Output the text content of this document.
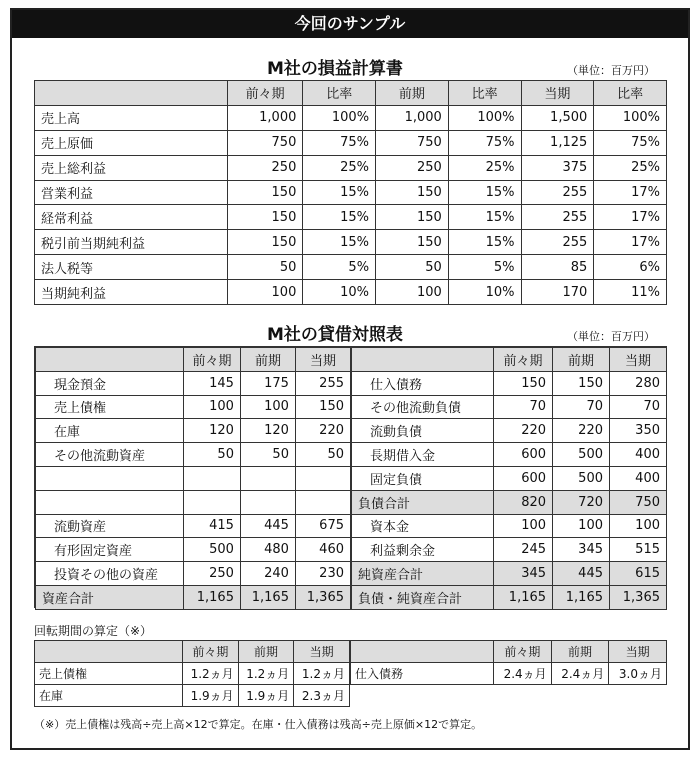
今回のサンプル
M社の損益計算書	（単位：百万円）
	前々期	比率	前期	比率	当期	比率
売上高	1,000	100%	1,000	100%	1,500	100%
売上原価	750	75%	750	75%	1,125	75%
売上総利益	250	25%	250	25%	375	25%
営業利益	150	15%	150	15%	255	17%
経常利益	150	15%	150	15%	255	17%
税引前当期純利益	150	15%	150	15%	255	17%
法人税等	50	5%	50	5%	85	6%
当期純利益	100	10%	100	10%	170	11%
M社の貸借対照表	（単位：百万円）
	前々期	前期	当期
現金預金	145	175	255
売上債権	100	100	150
在庫	120	120	220
その他流動資産	50	50	50

流動資産	415	445	675
有形固定資産	500	480	460
投資その他の資産	250	240	230
資産合計	1,165	1,165	1,365
	前々期	前期	当期
仕入債務	150	150	280
その他流動負債	70	70	70
流動負債	220	220	350
長期借入金	600	500	400
固定負債	600	500	400
負債合計	820	720	750
資本金	100	100	100
利益剰余金	245	345	515
純資産合計	345	445	615
負債・純資産合計	1,165	1,165	1,365
回転期間の算定（※）
	前々期	前期	当期
売上債権	1.2ヵ月	1.2ヵ月	1.2ヵ月
在庫	1.9ヵ月	1.9ヵ月	2.3ヵ月
	前々期	前期	当期
仕入債務	2.4ヵ月	2.4ヵ月	3.0ヵ月
（※）売上債権は残高÷売上高×12で算定。在庫・仕入債務は残高÷売上原価×12で算定。
